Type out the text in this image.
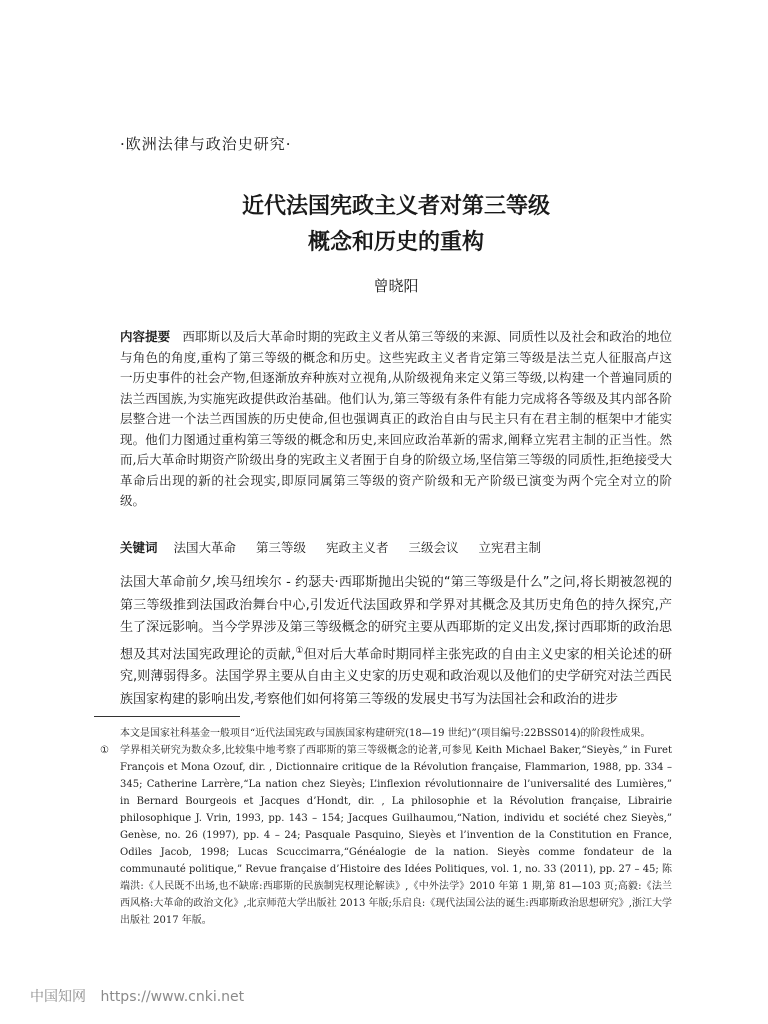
·欧洲法律与政治史研究·
近代法国宪政主义者对第三等级
概念和历史的重构
曾晓阳
内容提要 西耶斯以及后大革命时期的宪政主义者从第三等级的来源、同质性以及社会和政治的地位与角色的角度,重构了第三等级的概念和历史。这些宪政主义者肯定第三等级是法兰克人征服高卢这一历史事件的社会产物,但逐渐放弃种族对立视角,从阶级视角来定义第三等级,以构建一个普遍同质的法兰西国族,为实施宪政提供政治基础。他们认为,第三等级有条件有能力完成将各等级及其内部各阶层整合进一个法兰西国族的历史使命,但也强调真正的政治自由与民主只有在君主制的框架中才能实现。他们力图通过重构第三等级的概念和历史,来回应政治革新的需求,阐释立宪君主制的正当性。然而,后大革命时期资产阶级出身的宪政主义者囿于自身的阶级立场,坚信第三等级的同质性,拒绝接受大革命后出现的新的社会现实,即原同属第三等级的资产阶级和无产阶级已演变为两个完全对立的阶级。
关键词 法国大革命 第三等级 宪政主义者 三级会议 立宪君主制

法国大革命前夕,埃马纽埃尔 - 约瑟夫·西耶斯抛出尖锐的“第三等级是什么”之问,将长期被忽视的第三等级推到法国政治舞台中心,引发近代法国政界和学界对其概念及其历史角色的持久探究,产生了深远影响。当今学界涉及第三等级概念的研究主要从西耶斯的定义出发,探讨西耶斯的政治思想及其对法国宪政理论的贡献,①但对后大革命时期同样主张宪政的自由主义史家的相关论述的研究,则薄弱得多。法国学界主要从自由主义史家的历史观和政治观以及他们的史学研究对法兰西民族国家构建的影响出发,考察他们如何将第三等级的发展史书写为法国社会和政治的进步

本文是国家社科基金一般项目“近代法国宪政与国族国家构建研究(18—19 世纪)”(项目编号:22BSS014)的阶段性成果。
①	学界相关研究为数众多,比较集中地考察了西耶斯的第三等级概念的论著,可参见 Keith Michael Baker,“Sieyès,” in Furet François et Mona Ozouf, dir. , Dictionnaire critique de la Révolution française, Flammarion, 1988, pp. 334 – 345; Catherine Larrère,“La nation chez Sieyès; L’inflexion révolutionnaire de l’universalité des Lumières,” in Bernard Bourgeois et Jacques d’Hondt, dir. , La philosophie et la Révolution française, Librairie philosophique J. Vrin, 1993, pp. 143 – 154; Jacques Guilhaumou,“Nation, individu et société chez Sieyès,” Genèse, no. 26 (1997), pp. 4 – 24; Pasquale Pasquino, Sieyès et l’invention de la Constitution en France, Odiles Jacob, 1998; Lucas Scuccimarra,“Généalogie de la nation. Sieyès comme fondateur de la communauté politique,” Revue française d’Histoire des Idées Politiques, vol. 1, no. 33 (2011), pp. 27 – 45; 陈端洪:《人民既不出场,也不缺席:西耶斯的民族制宪权理论解读》,《中外法学》2010 年第 1 期,第 81—103 页;高毅:《法兰西风格:大革命的政治文化》,北京师范大学出版社 2013 年版;乐启良:《现代法国公法的诞生:西耶斯政治思想研究》,浙江大学出版社 2017 年版。
中国知网 https://www.cnki.net
